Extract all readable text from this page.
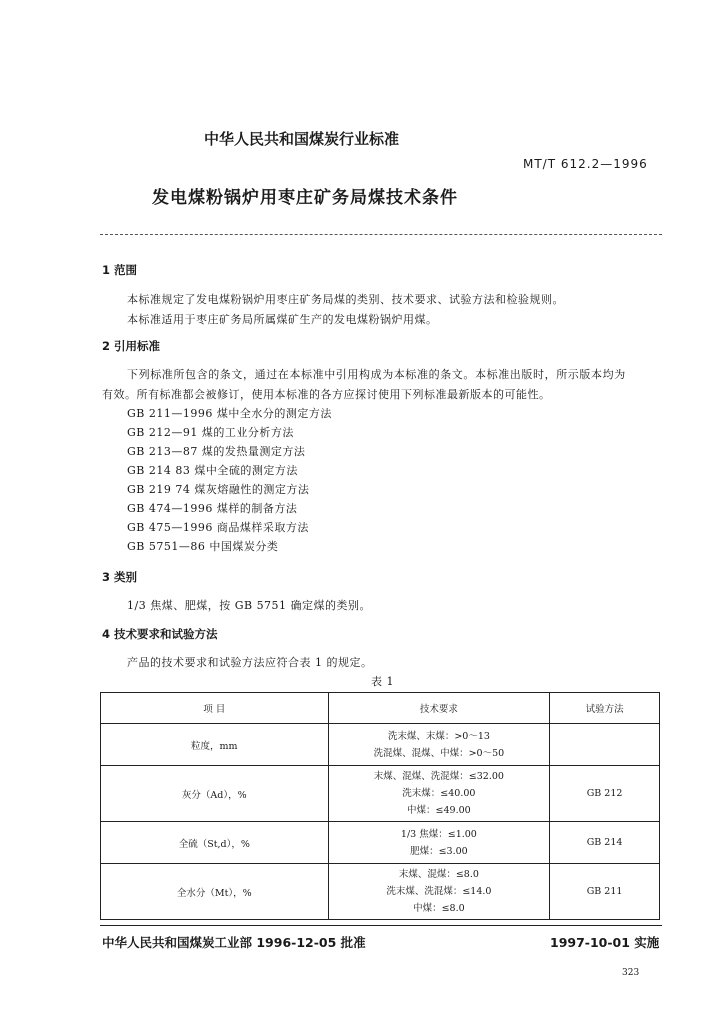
中华人民共和国煤炭行业标准
MT/T 612.2—1996
发电煤粉锅炉用枣庄矿务局煤技术条件
1 范围
本标准规定了发电煤粉锅炉用枣庄矿务局煤的类别、技术要求、试验方法和检验规则。
本标准适用于枣庄矿务局所属煤矿生产的发电煤粉锅炉用煤。
2 引用标准
下列标准所包含的条文，通过在本标准中引用构成为本标准的条文。本标准出版时，所示版本均为
有效。所有标准都会被修订，使用本标准的各方应探讨使用下列标准最新版本的可能性。
GB 211—1996 煤中全水分的测定方法
GB 212—91 煤的工业分析方法
GB 213—87 煤的发热量测定方法
GB 214 83 煤中全硫的测定方法
GB 219 74 煤灰熔融性的测定方法
GB 474—1996 煤样的制备方法
GB 475—1996 商品煤样采取方法
GB 5751—86 中国煤炭分类
3 类别
1/3 焦煤、肥煤，按 GB 5751 确定煤的类别。
4 技术要求和试验方法
产品的技术要求和试验方法应符合表 1 的规定。
表 1
项 目	技术要求	试验方法
粒度，mm	洗末煤、末煤：>0～13
洗混煤、混煤、中煤：>0～50	

灰分（Ad），%	末煤、混煤、洗混煤：≤32.00
洗末煤：≤40.00
中煤：≤49.00	GB 212
全硫（St,d），%	1/3 焦煤：≤1.00
肥煤：≤3.00	GB 214
全水分（Mt），%	末煤、混煤：≤8.0
洗末煤、洗混煤：≤14.0
中煤：≤8.0	GB 211
中华人民共和国煤炭工业部 1996-12-05 批准	1997-10-01 实施
323
